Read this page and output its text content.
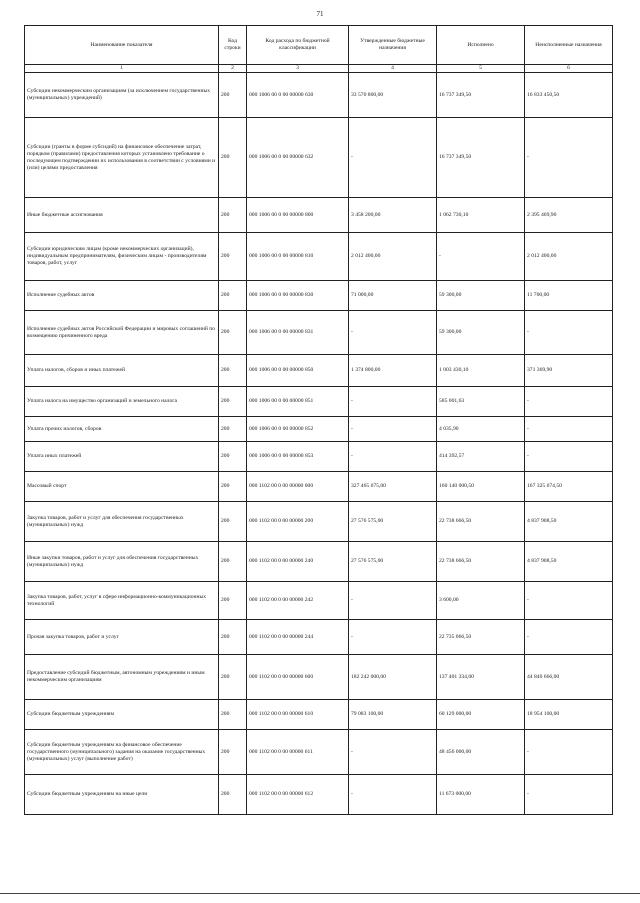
71
Наименование показателя	Код строки	Код расхода по бюджетной классификации	Утвержденные бюджетные назначения	Исполнено	Неисполненные назначения
1	2	3	4	5	6
Субсидии некоммерческим организациям (за исключением государственных (муниципальных) учреждений)	200	000 1006 00 0 00 00000 630	33 570 800,00	16 737 349,50	16 833 450,50
Субсидии (гранты в форме субсидий) на финансовое обеспечение затрат, порядком (правилами) предоставления которых установлено требование о последующем подтверждении их использования в соответствии с условиями и (или) целями предоставления	200	000 1006 00 0 00 00000 632	-	16 737 349,50	-
Иные бюджетные ассигнования	200	000 1006 00 0 00 00000 800	3 458 200,00	1 062 730,10	2 395 469,90
Субсидии юридическим лицам (кроме некоммерческих организаций), индивидуальным предпринимателям, физическим лицам - производителям товаров, работ, услуг	200	000 1006 00 0 00 00000 810	2 012 400,00	-	2 012 400,00
Исполнение судебных актов	200	000 1006 00 0 00 00000 830	71 000,00	59 300,00	11 700,00
Исполнение судебных актов Российской Федерации и мировых соглашений по возмещению причиненного вреда	200	000 1006 00 0 00 00000 831	-	59 300,00	-
Уплата налогов, сборов и иных платежей	200	000 1006 00 0 00 00000 850	1 374 800,00	1 003 430,10	371 369,90
Уплата налога на имущество организаций и земельного налога	200	000 1006 00 0 00 00000 851	-	585 001,63	-
Уплата прочих налогов, сборов	200	000 1006 00 0 00 00000 852	-	4 035,90	-
Уплата иных платежей	200	000 1006 00 0 00 00000 853	-	414 392,57	-
Массовый спорт	200	000 1102 00 0 00 00000 000	327 465 675,00	160 140 000,50	167 325 674,50
Закупка товаров, работ и услуг для обеспечения государственных (муниципальных) нужд	200	000 1102 00 0 00 00000 200	27 576 575,00	22 738 666,50	4 837 908,50
Иные закупки товаров, работ и услуг для обеспечения государственных (муниципальных) нужд	200	000 1102 00 0 00 00000 240	27 576 575,00	22 738 666,50	4 837 908,50
Закупка товаров, работ, услуг в сфере информационно-коммуникационных технологий	200	000 1102 00 0 00 00000 242	-	3 600,00	-
Прочая закупка товаров, работ и услуг	200	000 1102 00 0 00 00000 244	-	22 735 066,50	-
Предоставление субсидий бюджетным, автономным учреждениям и иным некоммерческим организациям	200	000 1102 00 0 00 00000 600	182 242 000,00	137 401 334,00	44 840 666,00
Субсидии бюджетным учреждениям	200	000 1102 00 0 00 00000 610	79 083 100,00	60 129 000,00	18 954 100,00
Субсидии бюджетным учреждениям на финансовое обеспечение государственного (муниципального) задания на оказание государственных (муниципальных) услуг (выполнение работ)	200	000 1102 00 0 00 00000 611	-	48 456 000,00	-
Субсидии бюджетным учреждениям на иные цели	200	000 1102 00 0 00 00000 612	-	11 673 000,00	-
